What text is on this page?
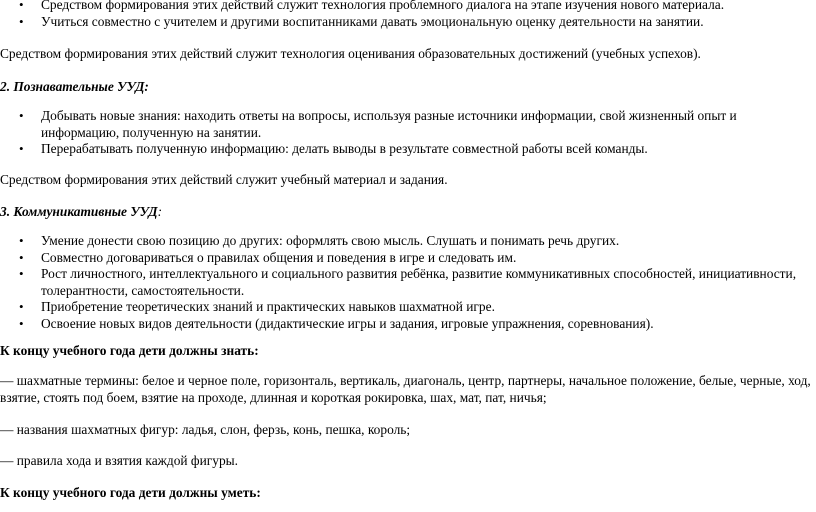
• Средством формирования этих действий служит технология проблемного диалога на этапе изучения нового материала.
• Учиться совместно с учителем и другими воспитанниками давать эмоциональную оценку деятельности на занятии.

Средством формирования этих действий служит технология оценивания образовательных достижений (учебных успехов).

2. Познавательные УУД:

• Добывать новые знания: находить ответы на вопросы, используя разные источники информации, свой жизненный опыт и информацию, полученную на занятии.
• Перерабатывать полученную информацию: делать выводы в результате совместной работы всей команды.

Средством формирования этих действий служит учебный материал и задания.

3. Коммуникативные УУД:

• Умение донести свою позицию до других: оформлять свою мысль. Слушать и понимать речь других.
• Совместно договариваться о правилах общения и поведения в игре и следовать им.
• Рост личностного, интеллектуального и социального развития ребёнка, развитие коммуникативных способностей, инициативности, толерантности, самостоятельности.
• Приобретение теоретических знаний и практических навыков шахматной игре.
• Освоение новых видов деятельности (дидактические игры и задания, игровые упражнения, соревнования).

К концу учебного года дети должны знать:

— шахматные термины: белое и черное поле, горизонталь, вертикаль, диагональ, центр, партнеры, начальное положение, белые, черные, ход, взятие, стоять под боем, взятие на проходе, длинная и короткая рокировка, шах, мат, пат, ничья;

— названия шахматных фигур: ладья, слон, ферзь, конь, пешка, король;

— правила хода и взятия каждой фигуры.

К концу учебного года дети должны уметь:
